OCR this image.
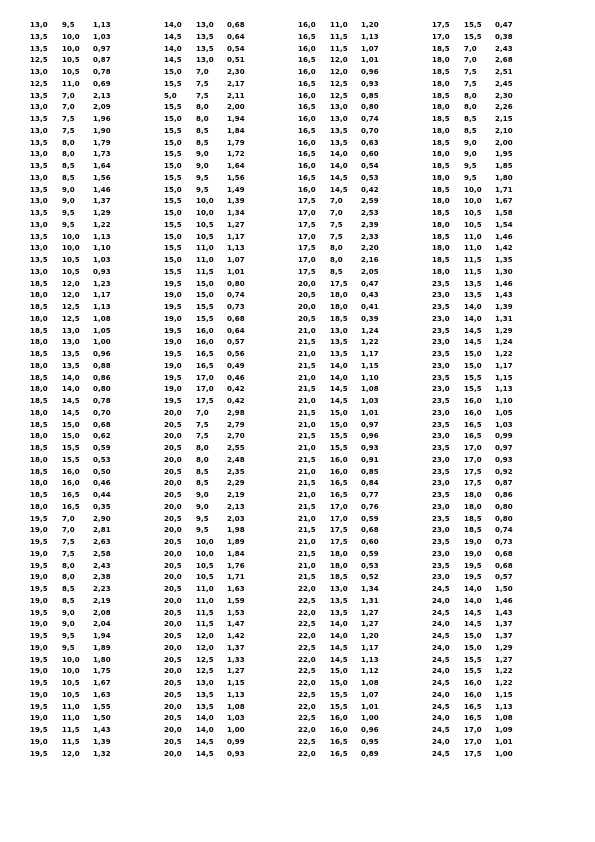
13,0 9,5	1,13
13,5 10,0 1,03
13,5 10,0 0,97
12,5 10,5 0,87
13,0 10,5 0,78
12,5 11,0 0,69
13,5 7,0	2,13
13,0 7,0	2,09
13,5 7,5	1,96
13,0 7,5	1,90
13,5 8,0	1,79
13,0 8,0	1,73
13,5 8,5	1,64
13,0 8,5	1,56
13,5 9,0	1,46
13,0 9,0	1,37
13,5 9,5	1,29
13,0 9,5	1,22
13,5 10,0 1,13
13,0 10,0 1,10
13,5 10,5 1,03
13,0 10,5 0,93
18,5 12,0 1,23
18,0 12,0 1,17
18,5 12,5 1,13
18,0 12,5 1,08
18,5 13,0 1,05
18,0 13,0 1,00
18,5 13,5 0,96
18,0 13,5 0,88
18,5 14,0 0,86
18,0 14,0 0,80
18,5 14,5 0,78
18,0 14,5 0,70
18,5 15,0 0,68
18,0 15,0 0,62
18,5 15,5 0,59
18,0 15,5 0,53
18,5 16,0 0,50
18,0 16,0 0,46
18,5 16,5 0,44
18,0 16,5 0,35
19,5 7,0	2,90
19,0 7,0	2,81
19,5 7,5	2,63
19,0 7,5	2,58
19,5 8,0	2,43
19,0 8,0	2,38
19,5 8,5	2,23
19,0 8,5	2,19
19,5 9,0	2,08
19,0 9,0	2,04
19,5 9,5	1,94
19,0 9,5	1,89
19,5 10,0 1,80
19,0 10,0 1,75
19,5 10,5 1,67
19,0 10,5 1,63
19,5 11,0 1,55
19,0 11,0 1,50
19,5 11,5 1,43
19,0 11,5 1,39
19,5 12,0 1,32
14,0 13,0 0,68
14,5 13,5 0,64
14,0 13,5 0,54
14,5 13,0 0,51
15,0 7,0	2,30
15,5 7,5	2,17
5,0	7,5	2,11
15,5 8,0	2,00
15,0 8,0	1,94
15,5 8,5	1,84
15,0 8,5	1,79
15,5 9,0	1,72
15,0 9,0	1,64
15,5 9,5	1,56
15,0 9,5	1,49
15,5 10,0 1,39
15,0 10,0 1,34
15,5 10,5 1,27
15,0 10,5 1,17
15,5 11,0 1,13
15,0 11,0 1,07
15,5 11,5 1,01
19,5 15,0 0,80
19,0 15,0 0,74
19,5 15,5 0,73
19,0 15,5 0,68
19,5 16,0 0,64
19,0 16,0 0,57
19,5 16,5 0,56
19,0 16,5 0,49
19,5 17,0 0,46
19,0 17,0 0,42
19,5 17,5 0,42
20,0 7,0	2,98
20,5 7,5	2,79
20,0 7,5	2,70
20,5 8,0	2,55
20,0 8,0	2,48
20,5 8,5	2,35
20,0 8,5	2,29
20,5 9,0	2,19
20,0 9,0	2,13
20,5 9,5	2,03
20,0 9,5	1,98
20,5 10,0 1,89
20,0 10,0 1,84
20,5 10,5 1,76
20,0 10,5 1,71
20,5 11,0 1,63
20,0 11,0 1,59
20,5 11,5 1,53
20,0 11,5 1,47
20,5 12,0 1,42
20,0 12,0 1,37
20,5 12,5 1,33
20,0 12,5 1,27
20,5 13,0 1,15
20,5 13,5 1,13
20,0 13,5 1,08
20,5 14,0 1,03
20,0 14,0 1,00
20,5 14,5 0,99
20,0 14,5 0,93
16,0 11,0 1,20
16,5 11,5 1,13
16,0 11,5 1,07
16,5 12,0 1,01
16,0 12,0 0,96
16,5 12,5 0,93
16,0 12,5 0,85
16,5 13,0 0,80
16,0 13,0 0,74
16,5 13,5 0,70
16,0 13,5 0,63
16,5 14,0 0,60
16,0 14,0 0,54
16,5 14,5 0,53
16,0 14,5 0,42
17,5 7,0	2,59
17,0 7,0	2,53
17,5 7,5	2,39
17,0 7,5	2,33
17,5 8,0	2,20
17,0 8,0	2,16
17,5 8,5	2,05
20,0 17,5 0,47
20,5 18,0 0,43
20,0 18,0 0,41
20,5 18,5 0,39
21,0 13,0 1,24
21,5 13,5 1,22
21,0 13,5 1,17
21,5 14,0 1,15
21,0 14,0 1,10
21,5 14,5 1,08
21,0 14,5 1,03
21,5 15,0 1,01
21,0 15,0 0,97
21,5 15,5 0,96
21,0 15,5 0,93
21,5 16,0 0,91
21,0 16,0 0,85
21,5 16,5 0,84
21,0 16,5 0,77
21,5 17,0 0,76
21,0 17,0 0,59
21,5 17,5 0,68
21,0 17,5 0,60
21,5 18,0 0,59
21,0 18,0 0,53
21,5 18,5 0,52
22,0 13,0 1,34
22,5 13,5 1,31
22,0 13,5 1,27
22,5 14,0 1,27
22,0 14,0 1,20
22,5 14,5 1,17
22,0 14,5 1,13
22,5 15,0 1,12
22,0 15,0 1,08
22,5 15,5 1,07
22,0 15,5 1,01
22,5 16,0 1,00
22,0 16,0 0,96
22,5 16,5 0,95
22,0 16,5 0,89
17,5 15,5 0,47
17,0 15,5 0,38
18,5 7,0	2,43
18,0 7,0	2,68
18,5 7,5	2,51
18,0 7,5	2,45
18,5 8,0	2,30
18,0 8,0	2,26
18,5 8,5	2,15
18,0 8,5	2,10
18,5 9,0	2,00
18,0 9,0	1,95
18,5 9,5	1,85
18,0 9,5	1,80
18,5 10,0 1,71
18,0 10,0 1,67
18,5 10,5 1,58
18,0 10,5 1,54
18,5 11,0 1,46
18,0 11,0 1,42
18,5 11,5 1,35
18,0 11,5 1,30
23,5 13,5 1,46
23,0 13,5 1,43
23,5 14,0 1,39
23,0 14,0 1,31
23,5 14,5 1,29
23,0 14,5 1,24
23,5 15,0 1,22
23,0 15,0 1,17
23,5 15,5 1,15
23,0 15,5 1,13
23,5 16,0 1,10
23,0 16,0 1,05
23,5 16,5 1,03
23,0 16,5 0,99
23,5 17,0 0,97
23,0 17,0 0,93
23,5 17,5 0,92
23,0 17,5 0,87
23,5 18,0 0,86
23,0 18,0 0,80
23,5 18,5 0,80
23,0 18,5 0,74
23,5 19,0 0,73
23,0 19,0 0,68
23,5 19,5 0,68
23,0 19,5 0,57
24,5 14,0 1,50
24,0 14,0 1,46
24,5 14,5 1,43
24,0 14,5 1,37
24,5 15,0 1,37
24,0 15,0 1,29
24,5 15,5 1,27
24,0 15,5 1,22
24,5 16,0 1,22
24,0 16,0 1,15
24,5 16,5 1,13
24,0 16,5 1,08
24,5 17,0 1,09
24,0 17,0 1,01
24,5 17,5 1,00
